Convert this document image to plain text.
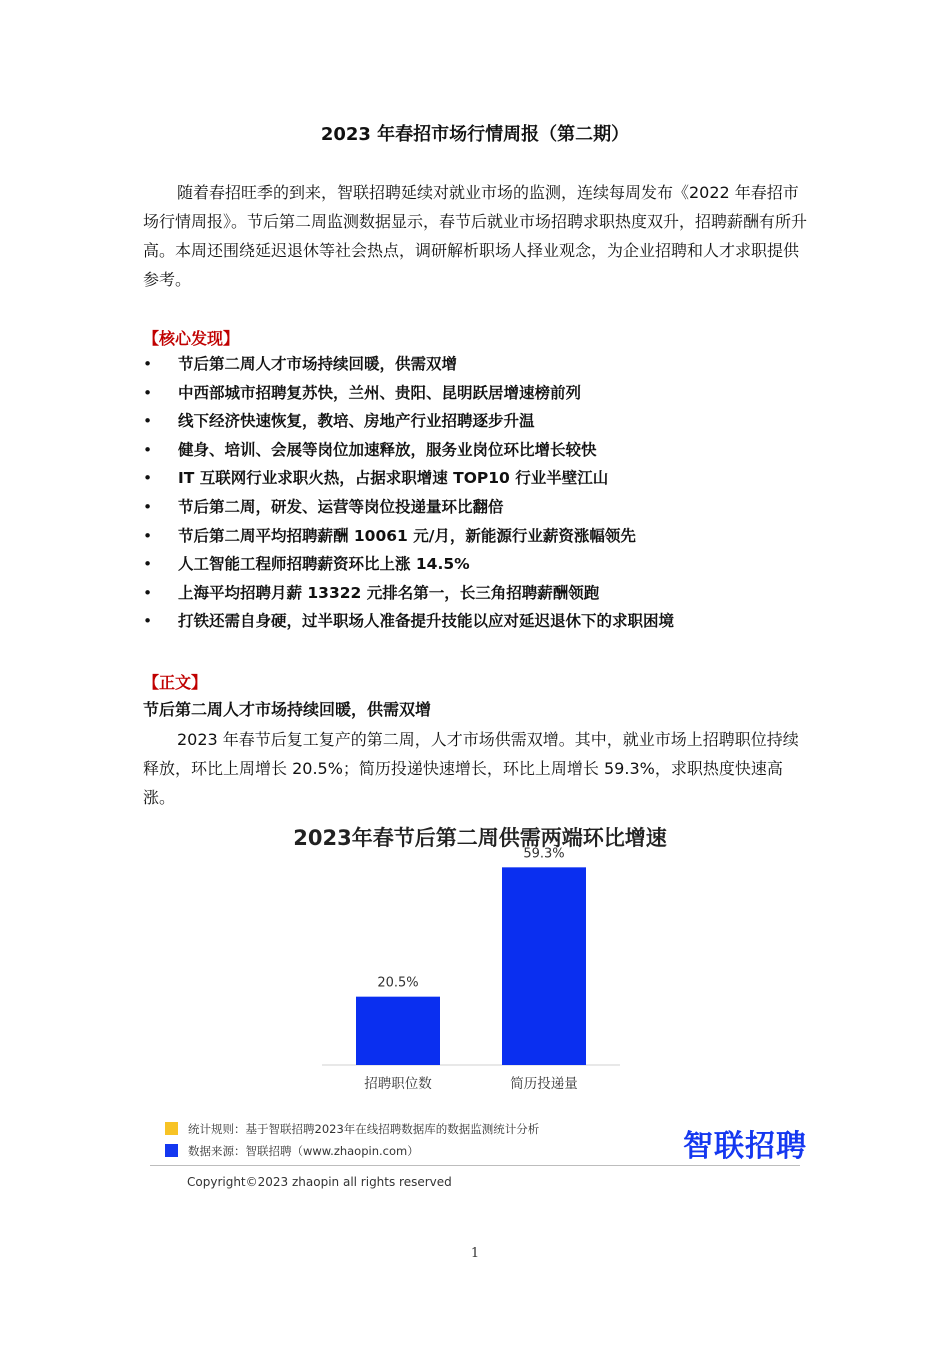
2023 年春招市场行情周报（第二期）

随着春招旺季的到来，智联招聘延续对就业市场的监测，连续每周发布《2022 年春招市场行情周报》。节后第二周监测数据显示，春节后就业市场招聘求职热度双升，招聘薪酬有所升高。本周还围绕延迟退休等社会热点，调研解析职场人择业观念，为企业招聘和人才求职提供参考。

【核心发现】
• 节后第二周人才市场持续回暖，供需双增
• 中西部城市招聘复苏快，兰州、贵阳、昆明跃居增速榜前列
• 线下经济快速恢复，教培、房地产行业招聘逐步升温
• 健身、培训、会展等岗位加速释放，服务业岗位环比增长较快
• IT 互联网行业求职火热，占据求职增速 TOP10 行业半壁江山
• 节后第二周，研发、运营等岗位投递量环比翻倍
• 节后第二周平均招聘薪酬 10061 元/月，新能源行业薪资涨幅领先
• 人工智能工程师招聘薪资环比上涨 14.5%
• 上海平均招聘月薪 13322 元排名第一，长三角招聘薪酬领跑
• 打铁还需自身硬，过半职场人准备提升技能以应对延迟退休下的求职困境
【正文】
节后第二周人才市场持续回暖，供需双增

2023 年春节后复工复产的第二周，人才市场供需双增。其中，就业市场上招聘职位持续释放，环比上周增长 20.5%；简历投递快速增长，环比上周增长 59.3%，求职热度快速高涨。

2023年春节后第二周供需两端环比增速
20.5%
招聘职位数
59.3%
简历投递量
统计规则：基于智联招聘2023年在线招聘数据库的数据监测统计分析
数据来源：智联招聘（www.zhaopin.com）	智联招聘
Copyright©2023 zhaopin all rights reserved
1
